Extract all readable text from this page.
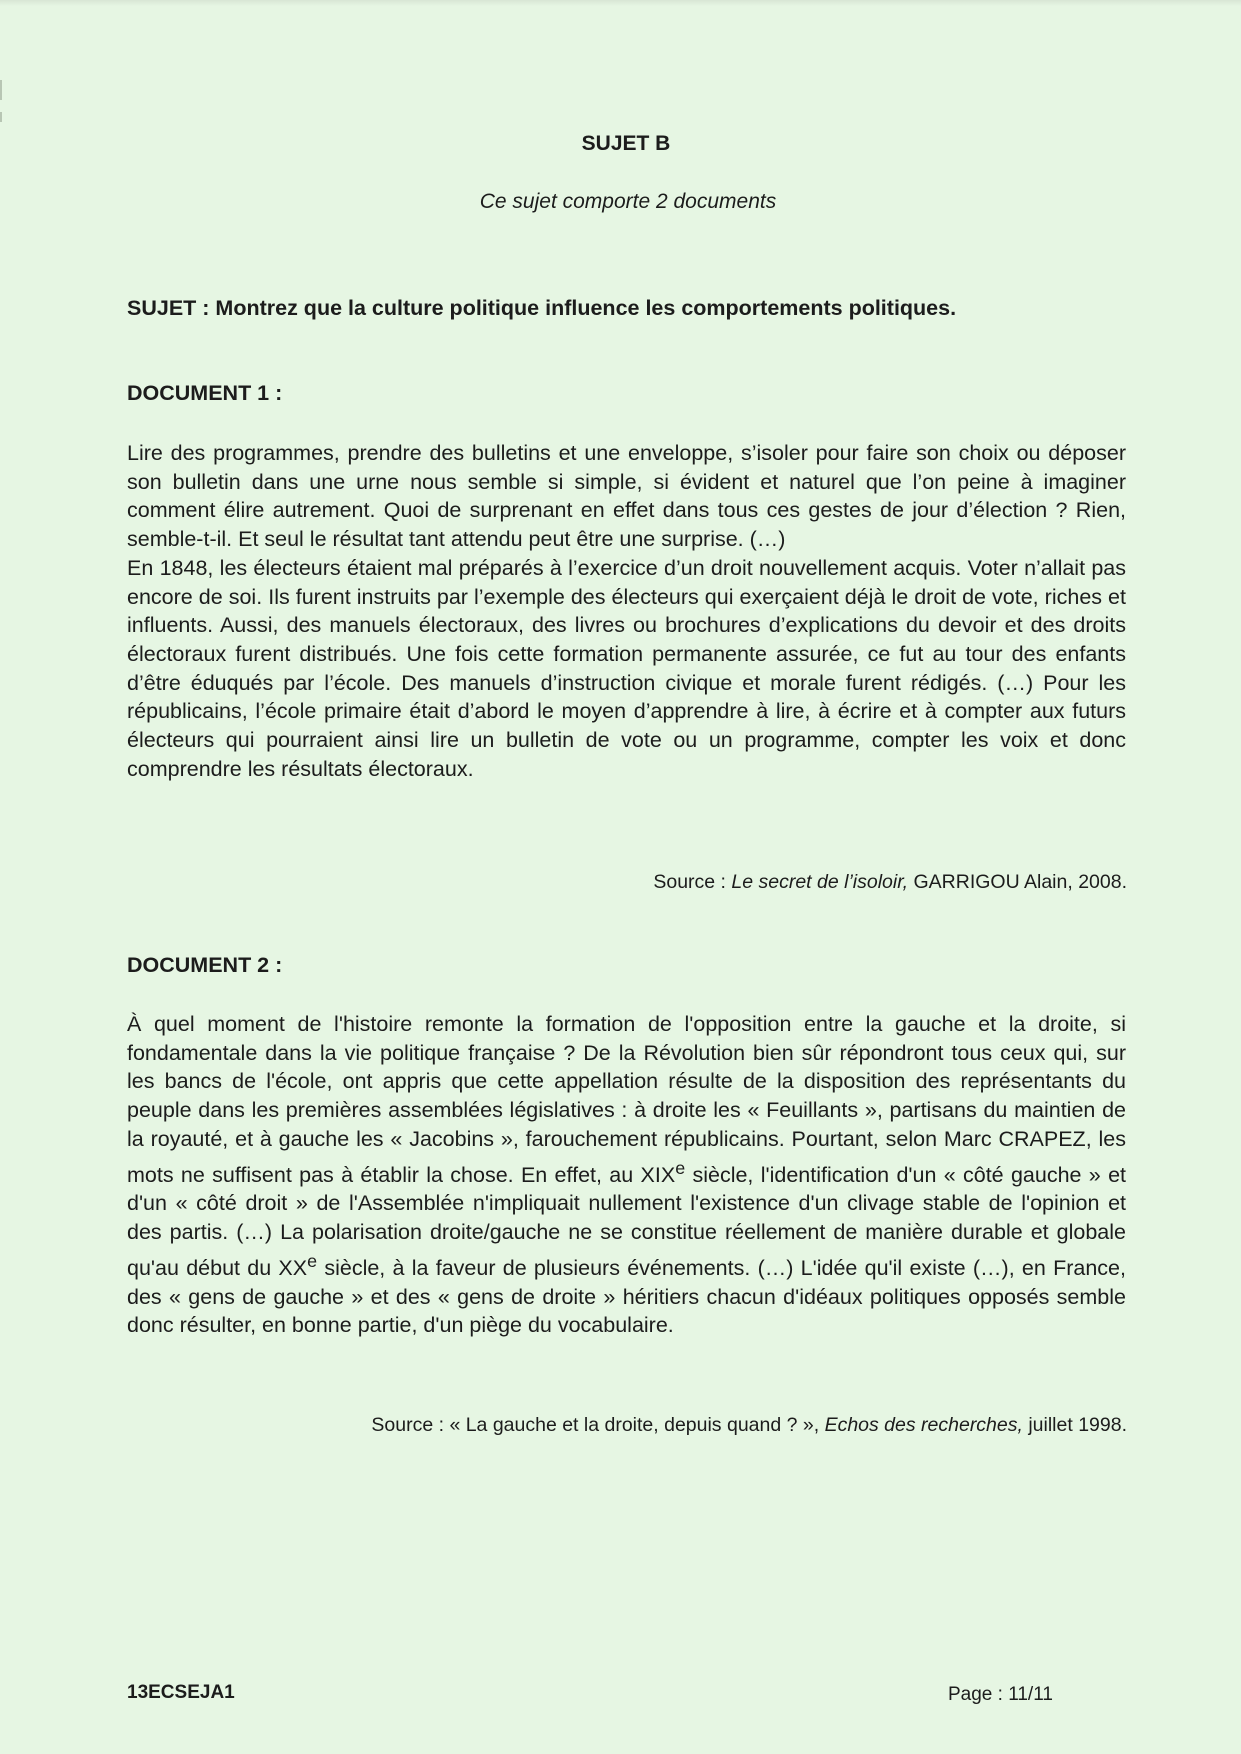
SUJET B
Ce sujet comporte 2 documents
SUJET : Montrez que la culture politique influence les comportements politiques.
DOCUMENT 1 :

Lire des programmes, prendre des bulletins et une enveloppe, s’isoler pour faire son choix ou déposer son bulletin dans une urne nous semble si simple, si évident et naturel que l’on peine à imaginer comment élire autrement. Quoi de surprenant en effet dans tous ces gestes de jour d’élection ? Rien, semble-t-il. Et seul le résultat tant attendu peut être une surprise. (…)

En 1848, les électeurs étaient mal préparés à l’exercice d’un droit nouvellement acquis. Voter n’allait pas encore de soi. Ils furent instruits par l’exemple des électeurs qui exerçaient déjà le droit de vote, riches et influents. Aussi, des manuels électoraux, des livres ou brochures d’explications du devoir et des droits électoraux furent distribués. Une fois cette formation permanente assurée, ce fut au tour des enfants d’être éduqués par l’école. Des manuels d’instruction civique et morale furent rédigés. (…) Pour les républicains, l’école primaire était d’abord le moyen d’apprendre à lire, à écrire et à compter aux futurs électeurs qui pourraient ainsi lire un bulletin de vote ou un programme, compter les voix et donc comprendre les résultats électoraux.

Source : Le secret de l’isoloir, GARRIGOU Alain, 2008.
DOCUMENT 2 :

À quel moment de l'histoire remonte la formation de l'opposition entre la gauche et la droite, si fondamentale dans la vie politique française ? De la Révolution bien sûr répondront tous ceux qui, sur les bancs de l'école, ont appris que cette appellation résulte de la disposition des représentants du peuple dans les premières assemblées législatives : à droite les « Feuillants », partisans du maintien de la royauté, et à gauche les « Jacobins », farouchement républicains. Pourtant, selon Marc CRAPEZ, les mots ne suffisent pas à établir la chose. En effet, au XIXe siècle, l'identification d'un « côté gauche » et d'un « côté droit » de l'Assemblée n'impliquait nullement l'existence d'un clivage stable de l'opinion et des partis. (…) La polarisation droite/gauche ne se constitue réellement de manière durable et globale qu'au début du XXe siècle, à la faveur de plusieurs événements. (…) L'idée qu'il existe (…), en France, des « gens de gauche » et des « gens de droite » héritiers chacun d'idéaux politiques opposés semble donc résulter, en bonne partie, d'un piège du vocabulaire.

Source : « La gauche et la droite, depuis quand ? », Echos des recherches, juillet 1998.
13ECSEJA1	Page : 11/11
